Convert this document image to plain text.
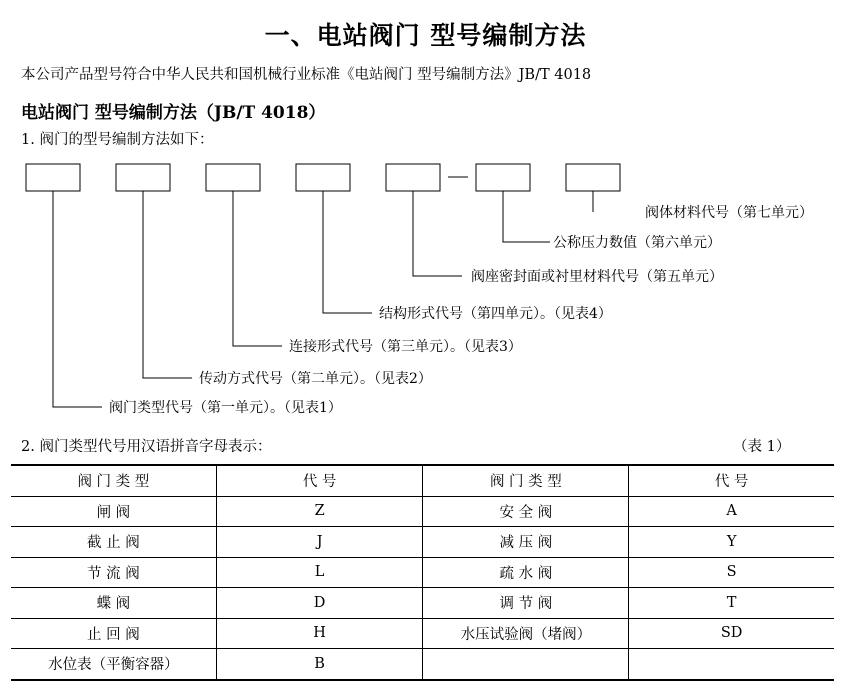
一、电站阀门 型号编制方法
本公司产品型号符合中华人民共和国机械行业标准《电站阀门 型号编制方法》JB/T 4018
电站阀门 型号编制方法（JB/T 4018）
1. 阀门的型号编制方法如下：
阀门类型代号（第一单元）。（见表1）
传动方式代号（第二单元）。（见表2）
连接形式代号（第三单元）。（见表3）
结构形式代号（第四单元）。（见表4）
阀座密封面或衬里材料代号（第五单元）
公称压力数值（第六单元）
阀体材料代号（第七单元）
2. 阀门类型代号用汉语拼音字母表示：	（表 1）
阀 门 类 型	代 号	阀 门 类 型	代 号
闸 阀	Z	安 全 阀	A
截 止 阀	J	减 压 阀	Y
节 流 阀	L	疏 水 阀	S
蝶 阀	D	调 节 阀	T
止 回 阀	H	水压试验阀（堵阀）	SD
水位表（平衡容器）	B		
